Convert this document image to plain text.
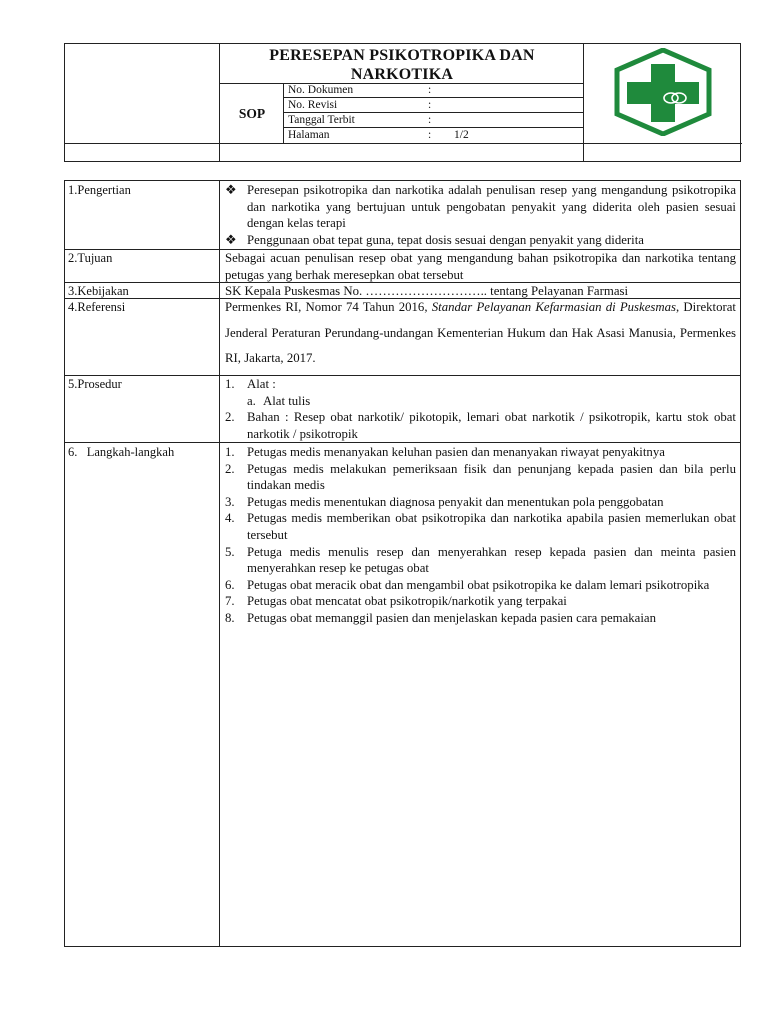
PERESEPAN PSIKOTROPIKA DAN
NARKOTIKA
SOP
No. Dokumen	:
No. Revisi	:
Tanggal Terbit	:
Halaman	: 1/2
1.Pengertian	❖ Peresepan psikotropika dan narkotika adalah penulisan resep yang mengandung psikotropika dan narkotika yang bertujuan untuk pengobatan penyakit yang diderita oleh pasien sesuai dengan kelas terapi
❖ Penggunaan obat tepat guna, tepat dosis sesuai dengan penyakit yang diderita
2.Tujuan	Sebagai acuan penulisan resep obat yang mengandung bahan psikotropika dan narkotika tentang petugas yang berhak meresepkan obat tersebut
3.Kebijakan	SK Kepala Puskesmas No. ……………………….. tentang Pelayanan Farmasi
4.Referensi	Permenkes RI, Nomor 74 Tahun 2016, Standar Pelayanan Kefarmasian di Puskesmas, Direktorat Jenderal Peraturan Perundang-undangan Kementerian Hukum dan Hak Asasi Manusia, Permenkes RI, Jakarta, 2017.
5.Prosedur	1. Alat :
a. Alat tulis
2. Bahan : Resep obat narkotik/ pikotopik, lemari obat narkotik / psikotropik, kartu stok obat narkotik / psikotropik
6.   Langkah-langkah	1. Petugas medis menanyakan keluhan pasien dan menanyakan riwayat penyakitnya
2. Petugas medis melakukan pemeriksaan fisik dan penunjang kepada pasien dan bila perlu tindakan medis
3. Petugas medis menentukan diagnosa penyakit dan menentukan pola penggobatan
4. Petugas medis memberikan obat psikotropika dan narkotika apabila pasien memerlukan obat tersebut
5. Petuga medis menulis resep dan menyerahkan resep kepada pasien dan meinta pasien menyerahkan resep ke petugas obat
6. Petugas obat meracik obat dan mengambil obat psikotropika ke dalam lemari psikotropika
7. Petugas obat mencatat obat psikotropik/narkotik yang terpakai
8. Petugas obat memanggil pasien dan menjelaskan kepada pasien cara pemakaian
